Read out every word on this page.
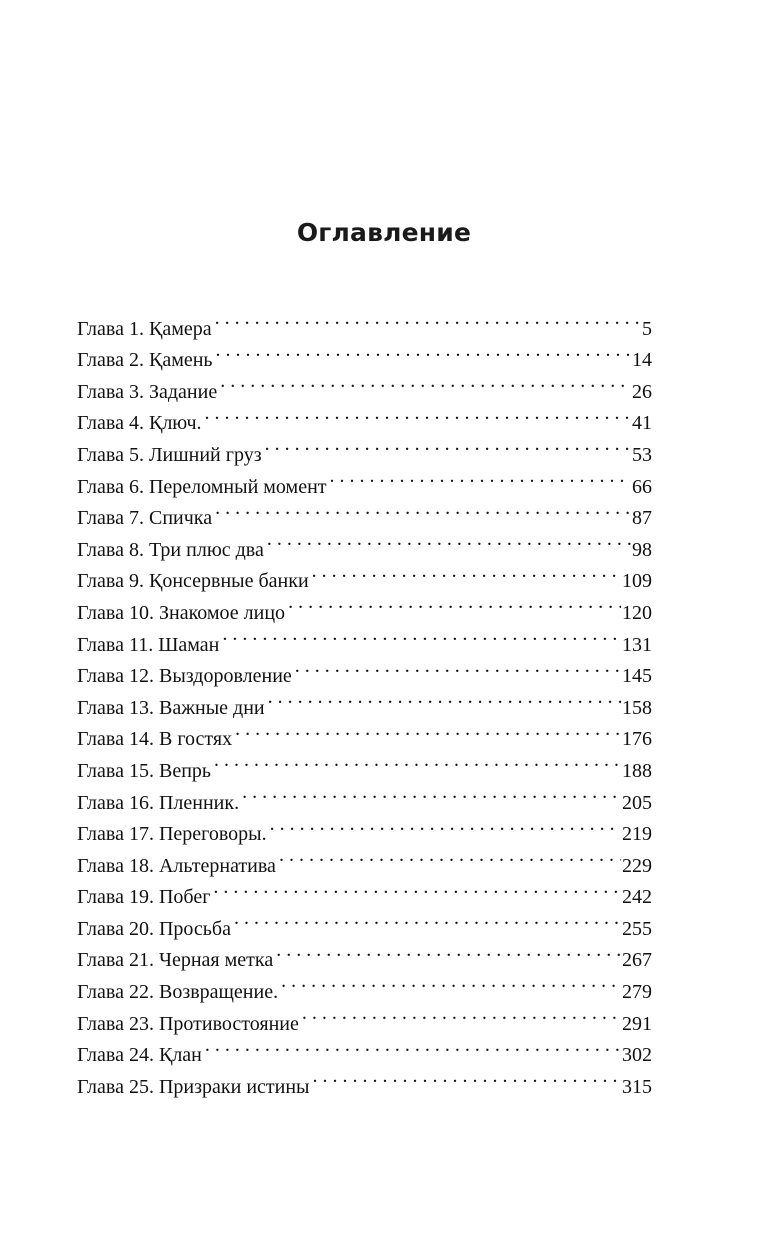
Оглавление
Глава 1. Қамера . . .	5
Глава 2. Қамень . . .	14
Глава 3. Задание . . .	26
Глава 4. Қлюч. . . .	41
Глава 5. Лишний груз . . .	53
Глава 6. Переломный момент . . .	66
Глава 7. Спичка . . .	87
Глава 8. Три плюс два . . .	98
Глава 9. Қонсервные банки . . .	109
Глава 10. Знакомое лицо . . .	120
Глава 11. Шаман . . .	131
Глава 12. Выздоровление . . .	145
Глава 13. Важные дни . . .	158
Глава 14. В гостях . . .	176
Глава 15. Вепрь . . .	188
Глава 16. Пленник. . . .	205
Глава 17. Переговоры. . . .	219
Глава 18. Альтернатива . . .	229
Глава 19. Побег . . .	242
Глава 20. Просьба . . .	255
Глава 21. Черная метка . . .	267
Глава 22. Возвращение. . . .	279
Глава 23. Противостояние . . .	291
Глава 24. Қлан . . .	302
Глава 25. Призраки истины . . .	315
